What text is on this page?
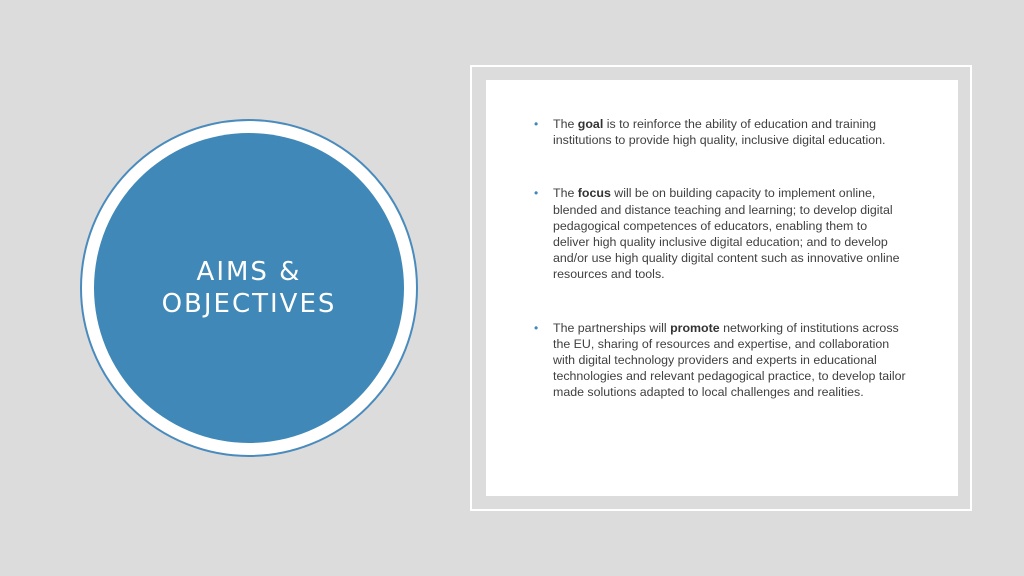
AIMS &
OBJECTIVES
• The goal is to reinforce the ability of education and training institutions to provide high quality, inclusive digital education.
• The focus will be on building capacity to implement online, blended and distance teaching and learning; to develop digital pedagogical competences of educators, enabling them to deliver high quality inclusive digital education; and to develop and/or use high quality digital content such as innovative online resources and tools.
• The partnerships will promote networking of institutions across the EU, sharing of resources and expertise, and collaboration with digital technology providers and experts in educational technologies and relevant pedagogical practice, to develop tailor made solutions adapted to local challenges and realities.
